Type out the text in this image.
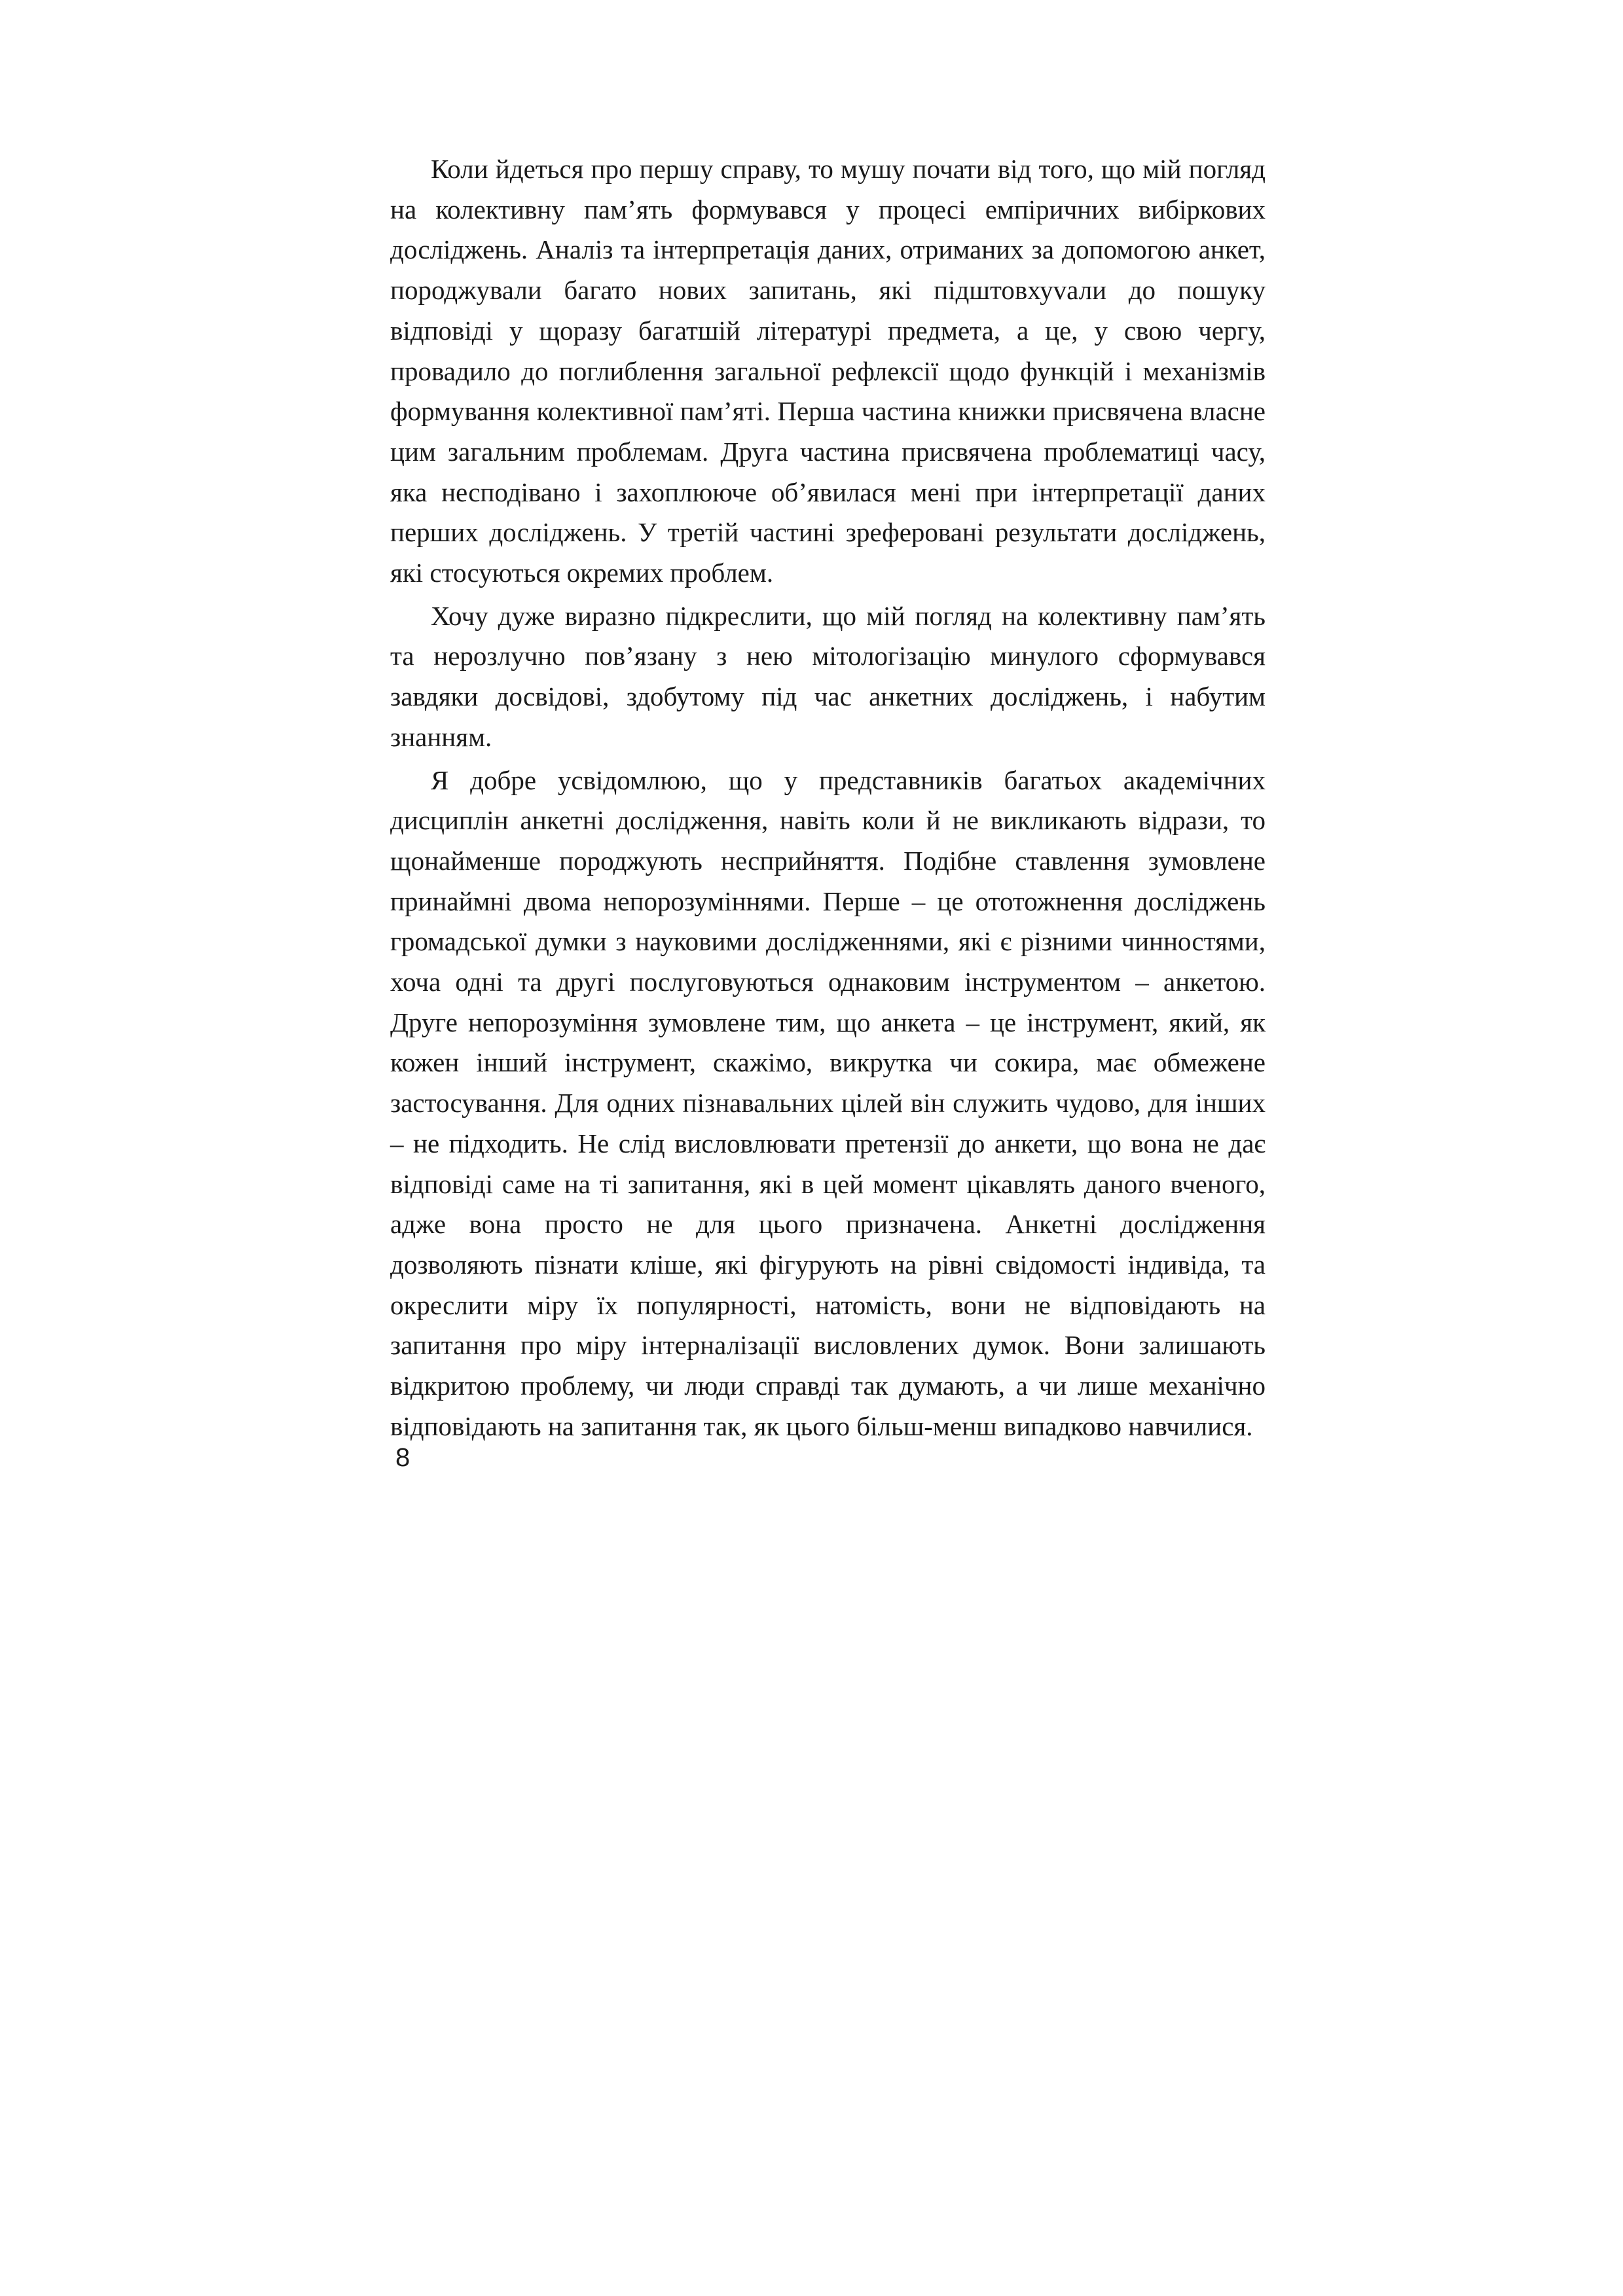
Коли йдеться про першу справу, то мушу почати від того, що мій погляд на колективну пам’ять формувався у процесі емпіричних вибіркових досліджень. Аналіз та інтерпретація даних, отриманих за допомогою анкет, породжували багато нових запитань, які підштовхуvали до пошуку відповіді у щоразу багатшій літературі предмета, а це, у свою чергу, провадило до поглиблення загальної рефлексії щодо функцій і механізмів формування колективної пам’яті. Перша частина книжки присвячена власне цим загальним проблемам. Друга частина присвячена проблематиці часу, яка несподівано і захоплююче об’явилася мені при інтерпретації даних перших досліджень. У третій частині зреферовані результати досліджень, які стосуються окремих проблем.

Хочу дуже виразно підкреслити, що мій погляд на колективну пам’ять та нерозлучно пов’язану з нею мітологізацію минулого сформувався завдяки досвідові, здобутому під час анкетних досліджень, і набутим знанням.

Я добре усвідомлюю, що у представників багатьох академічних дисциплін анкетні дослідження, навіть коли й не викликають відрази, то щонайменше породжують несприйняття. Подібне ставлення зумовлене принаймні двома непорозуміннями. Перше – це ототожнення досліджень громадської думки з науковими дослідженнями, які є різними чинностями, хоча одні та другі послуговуються однаковим інструментом – анкетою. Друге непорозуміння зумовлене тим, що анкета – це інструмент, який, як кожен інший інструмент, скажімо, викрутка чи сокира, має обмежене застосування. Для одних пізнавальних цілей він служить чудово, для інших – не підходить. Не слід висловлювати претензії до анкети, що вона не дає відповіді саме на ті запитання, які в цей момент цікавлять даного вченого, адже вона просто не для цього призначена. Анкетні дослідження дозволяють пізнати кліше, які фігурують на рівні свідомості індивіда, та окреслити міру їх популярності, натомість, вони не відповідають на запитання про міру інтерналізації висловлених думок. Вони залишають відкритою проблему, чи люди справді так думають, а чи лише механічно відповідають на запитання так, як цього більш-менш випадково навчилися.

8
